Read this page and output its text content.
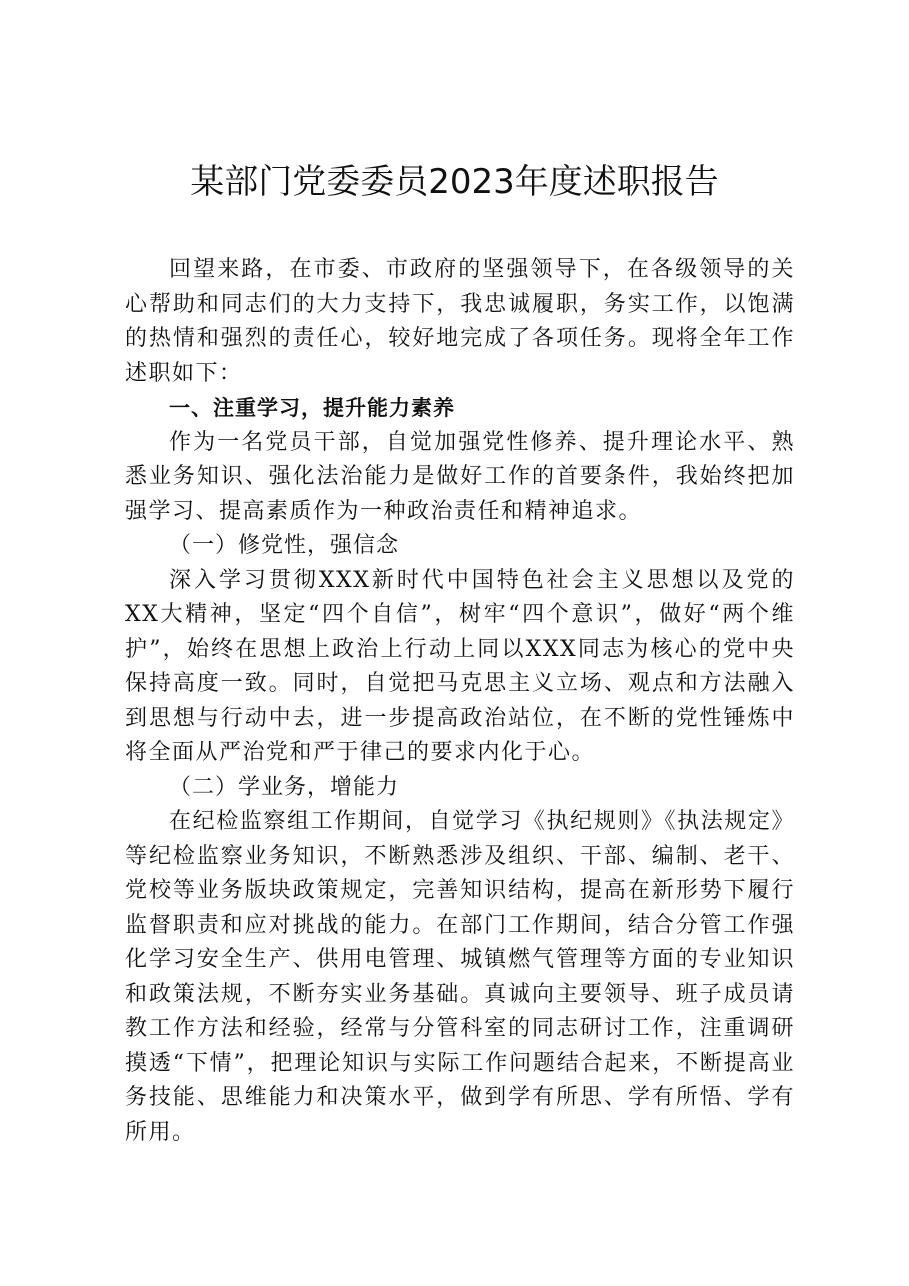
某部门党委委员2023年度述职报告

回望来路，在市委、市政府的坚强领导下，在各级领导的关心帮助和同志们的大力支持下，我忠诚履职，务实工作，以饱满的热情和强烈的责任心，较好地完成了各项任务。现将全年工作述职如下：

一、注重学习，提升能力素养

作为一名党员干部，自觉加强党性修养、提升理论水平、熟悉业务知识、强化法治能力是做好工作的首要条件，我始终把加强学习、提高素质作为一种政治责任和精神追求。

（一）修党性，强信念

深入学习贯彻XXX新时代中国特色社会主义思想以及党的XX大精神，坚定“四个自信”，树牢“四个意识”，做好“两个维护”，始终在思想上政治上行动上同以XXX同志为核心的党中央保持高度一致。同时，自觉把马克思主义立场、观点和方法融入到思想与行动中去，进一步提高政治站位，在不断的党性锤炼中将全面从严治党和严于律己的要求内化于心。

（二）学业务，增能力

在纪检监察组工作期间，自觉学习《执纪规则》《执法规定》等纪检监察业务知识，不断熟悉涉及组织、干部、编制、老干、党校等业务版块政策规定，完善知识结构，提高在新形势下履行监督职责和应对挑战的能力。在部门工作期间，结合分管工作强化学习安全生产、供用电管理、城镇燃气管理等方面的专业知识和政策法规，不断夯实业务基础。真诚向主要领导、班子成员请教工作方法和经验，经常与分管科室的同志研讨工作，注重调研摸透“下情”，把理论知识与实际工作问题结合起来，不断提高业务技能、思维能力和决策水平，做到学有所思、学有所悟、学有所用。
